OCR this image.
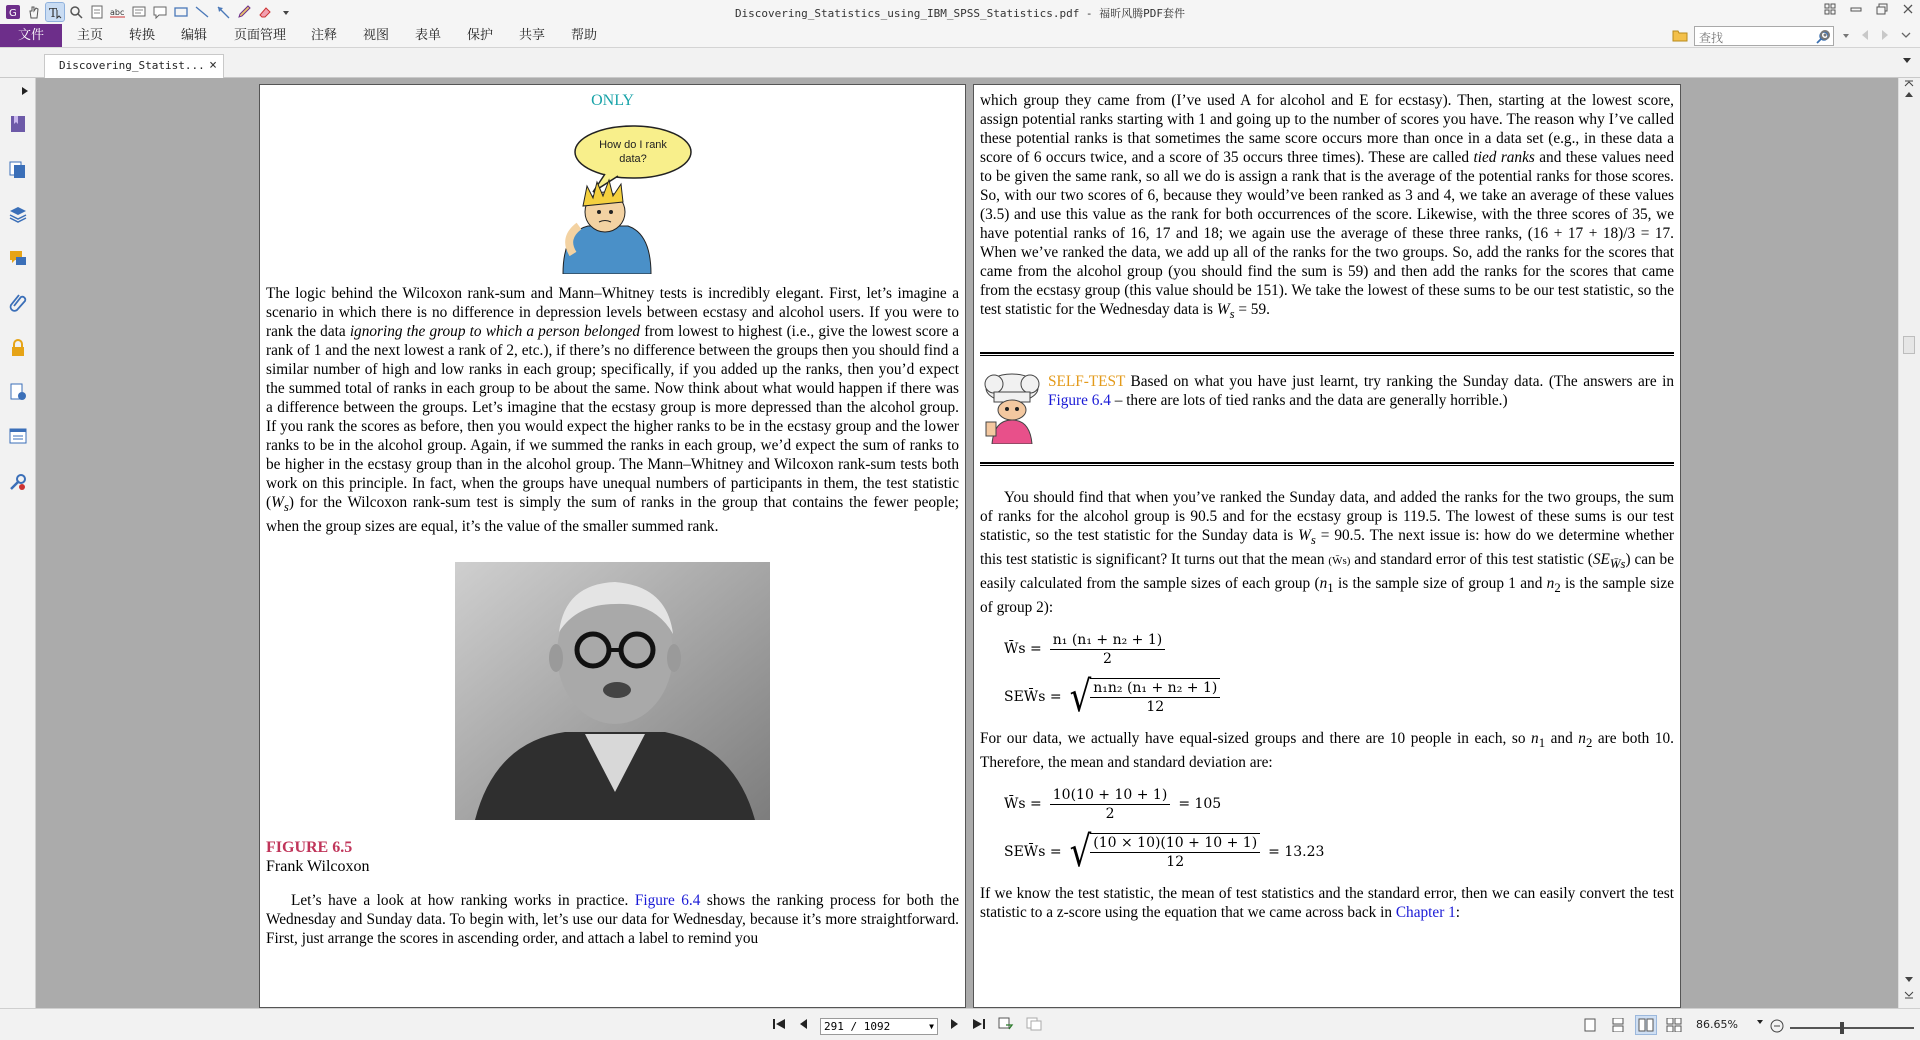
G	T	abc	Discovering_Statistics_using_IBM_SPSS_Statistics.pdf - 福昕风腾PDF套件
文件	主页	转换	编辑	页面管理	注释	视图	表单	保护	共享	帮助
查找
Discovering_Statist... ×
ONLY
How do I rank
data?

The logic behind the Wilcoxon rank-sum and Mann–Whitney tests is incredibly elegant. First, let’s imagine a scenario in which there is no difference in depression levels between ecstasy and alcohol users. If you were to rank the data ignoring the group to which a person belonged from lowest to highest (i.e., give the lowest score a rank of 1 and the next lowest a rank of 2, etc.), if there’s no difference between the groups then you should find a similar number of high and low ranks in each group; specifically, if you added up the ranks, then you’d expect the summed total of ranks in each group to be about the same. Now think about what would happen if there was a difference between the groups. Let’s imagine that the ecstasy group is more depressed than the alcohol group. If you rank the scores as before, then you would expect the higher ranks to be in the ecstasy group and the lower ranks to be in the alcohol group. Again, if we summed the ranks in each group, we’d expect the sum of ranks to be higher in the ecstasy group than in the alcohol group. The Mann–Whitney and Wilcoxon rank-sum tests both work on this principle. In fact, when the groups have unequal numbers of participants in them, the test statistic $(W_s)$ for the Wilcoxon rank-sum test is simply the sum of ranks in the group that contains the fewer people; when the group sizes are equal, it’s the value of the smaller summed rank.

FIGURE 6.5
Frank Wilcoxon

Let’s have a look at how ranking works in practice. Figure 6.4 shows the ranking process for both the Wednesday and Sunday data. To begin with, let’s use our data for Wednesday, because it’s more straightforward. First, just arrange the scores in ascending order, and attach a label to remind you

which group they came from (I’ve used A for alcohol and E for ecstasy). Then, starting at the lowest score, assign potential ranks starting with 1 and going up to the number of scores you have. The reason why I’ve called these potential ranks is that sometimes the same score occurs more than once in a data set (e.g., in these data a score of 6 occurs twice, and a score of 35 occurs three times). These are called tied ranks and these values need to be given the same rank, so all we do is assign a rank that is the average of the potential ranks for those scores. So, with our two scores of 6, because they would’ve been ranked as 3 and 4, we take an average of these values (3.5) and use this value as the rank for both occurrences of the score. Likewise, with the three scores of 35, we have potential ranks of 16, 17 and 18; we again use the average of these three ranks, (16 + 17 + 18)/3 = 17. When we’ve ranked the data, we add up all of the ranks for the two groups. So, add the ranks for the scores that came from the alcohol group (you should find the sum is 59) and then add the ranks for the scores that came from the ecstasy group (this value should be 151). We take the lowest of these sums to be our test statistic, so the test statistic for the Wednesday data is $W_s = 59$.

SELF-TEST Based on what you have just learnt, try ranking the Sunday data. (The answers are in Figure 6.4 – there are lots of tied ranks and the data are generally horrible.)

You should find that when you’ve ranked the Sunday data, and added the ranks for the two groups, the sum of ranks for the alcohol group is 90.5 and for the ecstasy group is 119.5. The lowest of these sums is our test statistic, so the test statistic for the Sunday data is $W_s = 90.5$. The next issue is: how do we determine whether this test statistic is significant? It turns out that the mean (W̄s) and standard error of this test statistic $(SE_{W̄s})$ can be easily calculated from the sample sizes of each group ($n_1$ is the sample size of group 1 and $n_2$ is the sample size of group 2):

W̄s = $\frac{\text{n₁ (n₁ + n₂ + 1)}}{2}$
SEW̄s = √ $\frac{\text{n₁n₂ (n₁ + n₂ + 1)}}{12}$

For our data, we actually have equal-sized groups and there are 10 people in each, so $n_1$ and $n_2$ are both 10. Therefore, the mean and standard deviation are:

W̄s = $\frac{10(10 + 10 + 1)}{2} = 105$
SEW̄s = √ $\frac{(10 \times 10)(10 + 10 + 1)}{12} = 13.23$

If we know the test statistic, the mean of test statistics and the standard error, then we can easily convert the test statistic to a z-score using the equation that we came across back in Chapter 1:

291 / 1092	▼	86.65%
